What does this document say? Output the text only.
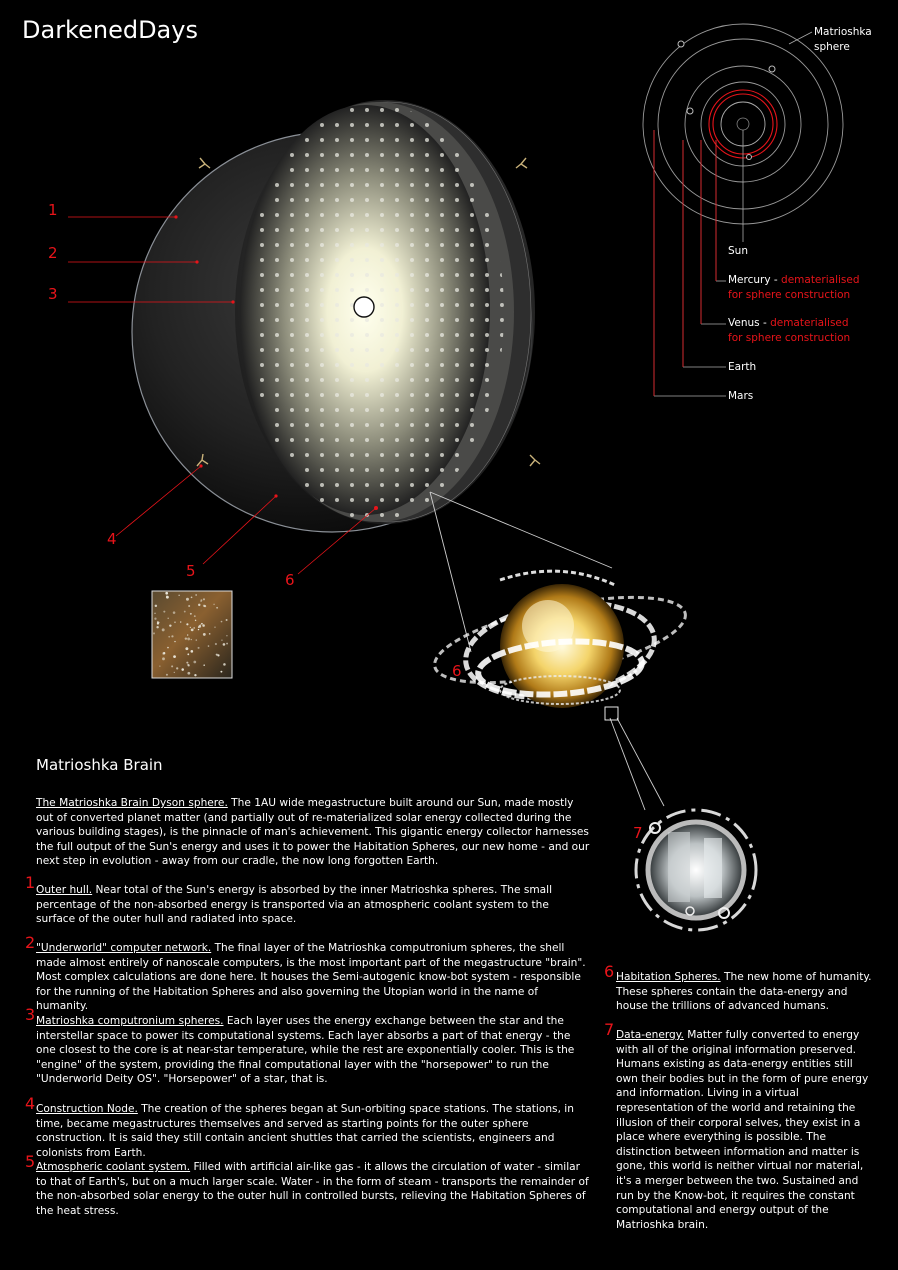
DarkenedDays	Matrioshka
sphere
Sun
Mercury - dematerialised
for sphere construction
Venus - dematerialised
for sphere construction
Earth
Mars
1
2
3
4
5	6
6
7
Matrioshka Brain
The Matrioshka Brain Dyson sphere. The 1AU wide megastructure built around our Sun, made mostly out of converted planet matter (and partially out of re-materialized solar energy collected during the various building stages), is the pinnacle of man's achievement. This gigantic energy collector harnesses the full output of the Sun's energy and uses it to power the Habitation Spheres, our new home - and our next step in evolution - away from our cradle, the now long forgotten Earth.
1 Outer hull. Near total of the Sun's energy is absorbed by the inner Matrioshka spheres. The small percentage of the non-absorbed energy is transported via an atmospheric coolant system to the surface of the outer hull and radiated into space.
2 "Underworld" computer network. The final layer of the Matrioshka computronium spheres, the shell made almost entirely of nanoscale computers, is the most important part of the megastructure "brain". Most complex calculations are done here. It houses the Semi-autogenic know-bot system - responsible for the running of the Habitation Spheres and also governing the Utopian world in the name of humanity.
3 Matrioshka computronium spheres. Each layer uses the energy exchange between the star and the interstellar space to power its computational systems. Each layer absorbs a part of that energy - the one closest to the core is at near-star temperature, while the rest are exponentially cooler. This is the "engine" of the system, providing the final computational layer with the "horsepower" to run the "Underworld Deity OS". "Horsepower" of a star, that is.
4 Construction Node. The creation of the spheres began at Sun-orbiting space stations. The stations, in time, became megastructures themselves and served as starting points for the outer sphere construction. It is said they still contain ancient shuttles that carried the scientists, engineers and colonists from Earth.
5 Atmospheric coolant system. Filled with artificial air-like gas - it allows the circulation of water - similar to that of Earth's, but on a much larger scale. Water - in the form of steam - transports the remainder of the non-absorbed solar energy to the outer hull in controlled bursts, relieving the Habitation Spheres of the heat stress.
6 Habitation Spheres. The new home of humanity. These spheres contain the data-energy and house the trillions of advanced humans.
7 Data-energy. Matter fully converted to energy with all of the original information preserved. Humans existing as data-energy entities still own their bodies but in the form of pure energy and information. Living in a virtual representation of the world and retaining the illusion of their corporal selves, they exist in a place where everything is possible. The distinction between information and matter is gone, this world is neither virtual nor material, it's a merger between the two. Sustained and run by the Know-bot, it requires the constant computational and energy output of the Matrioshka brain.
